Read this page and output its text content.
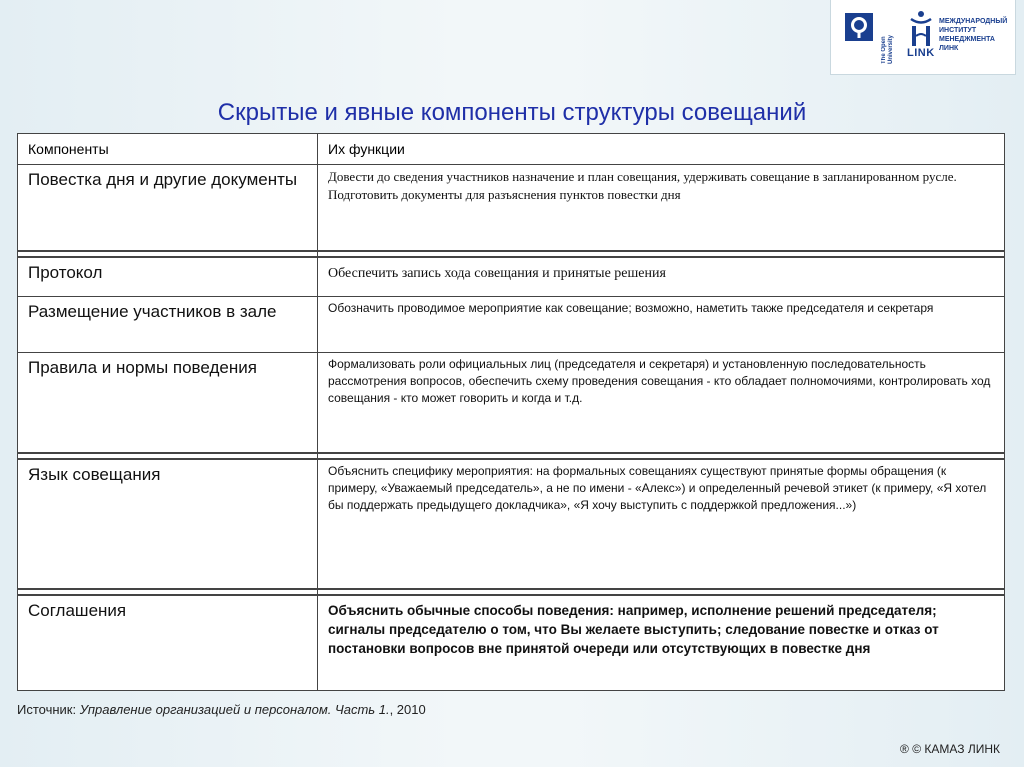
The Open University LINK
МЕЖДУНАРОДНЫЙ
ИНСТИТУТ
МЕНЕДЖМЕНТА
ЛИНК
Скрытые и явные компоненты структуры совещаний
Компоненты	Их функции
Повестка дня и другие документы	Довести до сведения участников назначение и план совещания, удерживать совещание в запланированном русле. Подготовить документы для разъяснения пунктов повестки дня

Протокол	Обеспечить запись хода совещания и принятые решения
Размещение участников в зале	Обозначить проводимое мероприятие как совещание; возможно, наметить также председателя и секретаря
Правила и нормы поведения	Формализовать роли официальных лиц (председателя и секретаря) и установленную последовательность рассмотрения вопросов, обеспечить схему проведения совещания - кто обладает полномочиями, контролировать ход совещания - кто может говорить и когда и т.д.

Язык совещания	Объяснить специфику мероприятия: на формальных совещаниях существуют принятые формы обращения (к примеру, «Уважаемый председатель», а не по имени - «Алекс») и определенный речевой этикет (к примеру, «Я хотел бы поддержать предыдущего докладчика», «Я хочу выступить с поддержкой предложения...»)

Соглашения	Объяснить обычные способы поведения: например, исполнение решений председателя; сигналы председателю о том, что Вы желаете выступить; следование повестке и отказ от постановки вопросов вне принятой очереди или отсутствующих в повестке дня
Источник: Управление организацией и персоналом. Часть 1., 2010
® © КАМАЗ ЛИНК
